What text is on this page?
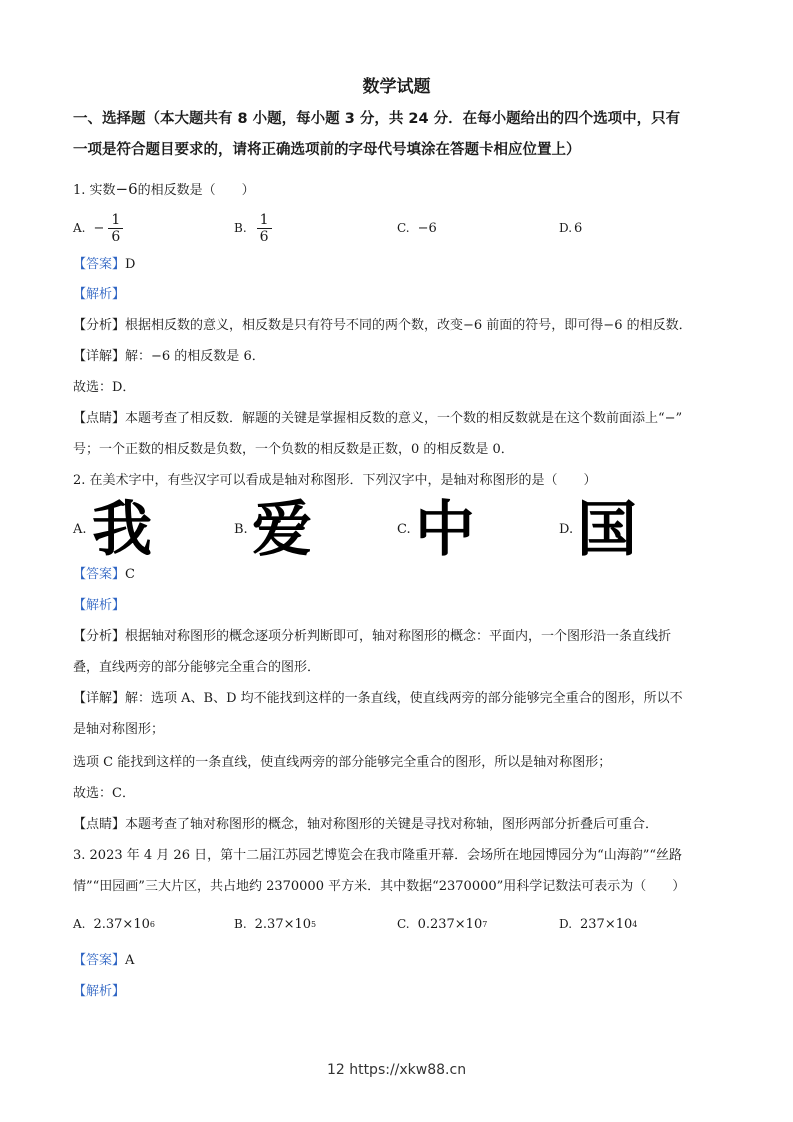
数学试题
一、选择题（本大题共有 8 小题，每小题 3 分，共 24 分．在每小题给出的四个选项中，只有
一项是符合题目要求的，请将正确选项前的字母代号填涂在答题卡相应位置上）
1. 实数−6的相反数是（　　）
A. − $\frac{1}{6}$	B. $\frac{1}{6}$	C. −6	D. 6
【答案】D
【解析】
【分析】根据相反数的意义，相反数是只有符号不同的两个数，改变−6 前面的符号，即可得−6 的相反数．
【详解】解：−6 的相反数是 6．
故选：D．
【点睛】本题考查了相反数．解题的关键是掌握相反数的意义，一个数的相反数就是在这个数前面添上“−”
号；一个正数的相反数是负数，一个负数的相反数是正数，0 的相反数是 0．
2. 在美术字中，有些汉字可以看成是轴对称图形．下列汉字中，是轴对称图形的是（　　）
A. 我	B. 爱	C. 中	D. 国
【答案】C
【解析】
【分析】根据轴对称图形的概念逐项分析判断即可，轴对称图形的概念：平面内，一个图形沿一条直线折
叠，直线两旁的部分能够完全重合的图形．
【详解】解：选项 A、B、D 均不能找到这样的一条直线，使直线两旁的部分能够完全重合的图形，所以不
是轴对称图形；
选项 C 能找到这样的一条直线，使直线两旁的部分能够完全重合的图形，所以是轴对称图形；
故选：C．
【点睛】本题考查了轴对称图形的概念，轴对称图形的关键是寻找对称轴，图形两部分折叠后可重合．
3. 2023 年 4 月 26 日，第十二届江苏园艺博览会在我市隆重开幕．会场所在地园博园分为“山海韵”“丝路
情”“田园画”三大片区，共占地约 2370000 平方米．其中数据“2370000”用科学记数法可表示为（　　）
A. 2.37×10 6	B. 2.37×10 5	C. 0.237×10 7	D. 237×10 4
【答案】A
【解析】
12 https://xkw88.cn
